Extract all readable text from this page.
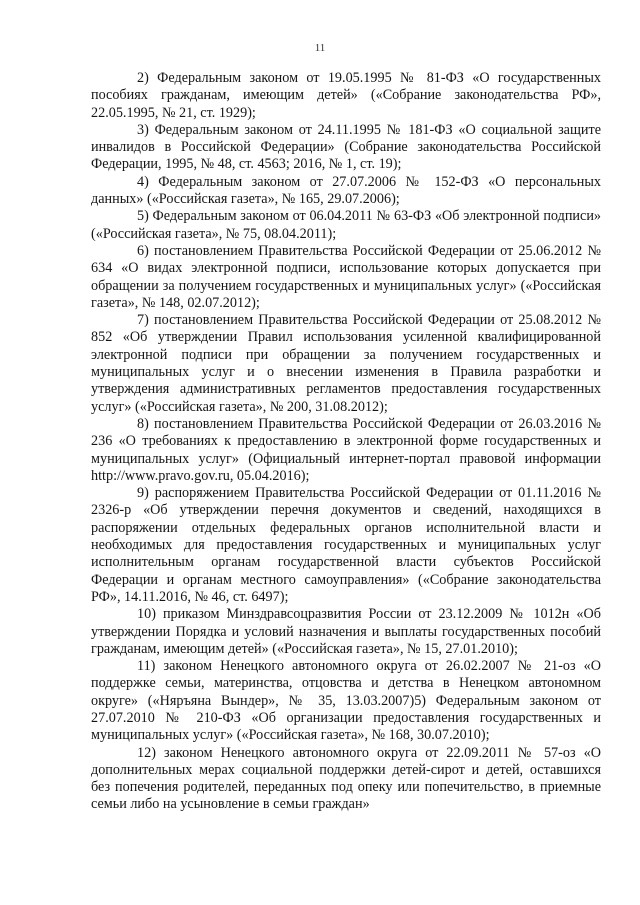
11

2) Федеральным законом от 19.05.1995 № 81-ФЗ «О государственных пособиях гражданам, имеющим детей» («Собрание законодательства РФ», 22.05.1995, № 21, ст. 1929);

3) Федеральным законом от 24.11.1995 № 181-ФЗ «О социальной защите инвалидов в Российской Федерации» (Собрание законодательства Российской Федерации, 1995, № 48, ст. 4563; 2016, № 1, ст. 19);

4) Федеральным законом от 27.07.2006 № 152-ФЗ «О персональных данных» («Российская газета», № 165, 29.07.2006);

5) Федеральным законом от 06.04.2011 № 63-ФЗ «Об электронной подписи» («Российская газета», № 75, 08.04.2011);

6) постановлением Правительства Российской Федерации от 25.06.2012 № 634 «О видах электронной подписи, использование которых допускается при обращении за получением государственных и муниципальных услуг» («Российская газета», № 148, 02.07.2012);

7) постановлением Правительства Российской Федерации от 25.08.2012 № 852 «Об утверждении Правил использования усиленной квалифицированной электронной подписи при обращении за получением государственных и муниципальных услуг и о внесении изменения в Правила разработки и утверждения административных регламентов предоставления государственных услуг» («Российская газета», № 200, 31.08.2012);

8) постановлением Правительства Российской Федерации от 26.03.2016 № 236 «О требованиях к предоставлению в электронной форме государственных и муниципальных услуг» (Официальный интернет-портал правовой информации http://www.pravo.gov.ru, 05.04.2016);

9) распоряжением Правительства Российской Федерации от 01.11.2016 № 2326-р «Об утверждении перечня документов и сведений, находящихся в распоряжении отдельных федеральных органов исполнительной власти и необходимых для предоставления государственных и муниципальных услуг исполнительным органам государственной власти субъектов Российской Федерации и органам местного самоуправления» («Собрание законодательства РФ», 14.11.2016, № 46, ст. 6497);

10) приказом Минздравсоцразвития России от 23.12.2009 № 1012н «Об утверждении Порядка и условий назначения и выплаты государственных пособий гражданам, имеющим детей» («Российская газета», № 15, 27.01.2010);

11) законом Ненецкого автономного округа от 26.02.2007 № 21-оз «О поддержке семьи, материнства, отцовства и детства в Ненецком автономном округе» («Няръяна Вындер», № 35, 13.03.2007)5) Федеральным законом от 27.07.2010 № 210-ФЗ «Об организации предоставления государственных и муниципальных услуг» («Российская газета», № 168, 30.07.2010);

12) законом Ненецкого автономного округа от 22.09.2011 № 57-оз «О дополнительных мерах социальной поддержки детей-сирот и детей, оставшихся без попечения родителей, переданных под опеку или попечительство, в приемные семьи либо на усыновление в семьи граждан»
